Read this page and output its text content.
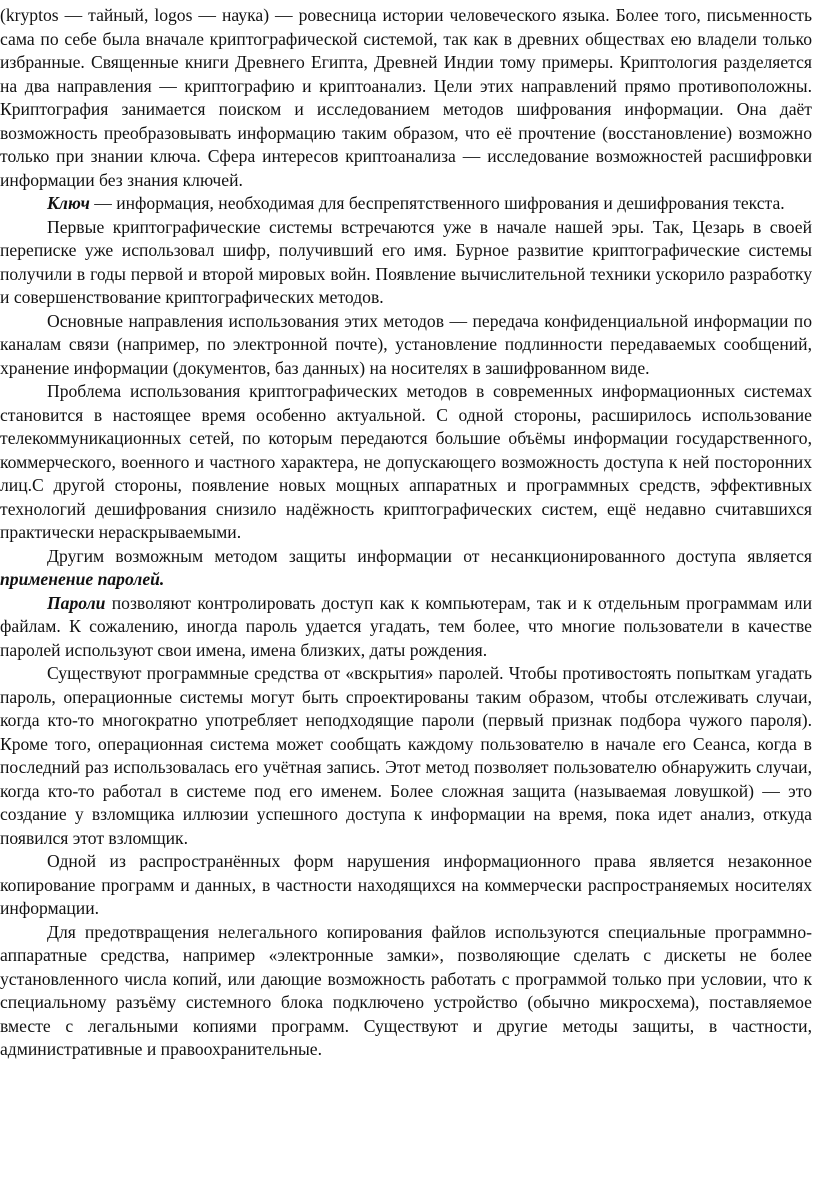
(kryptos — тайный, logos — наука) — ровесница истории человеческого языка. Более того, письменность сама по себе была вначале криптографической системой, так как в древних обществах ею владели только избранные. Священные книги Древнего Египта, Древней Индии тому примеры. Криптология разделяется на два направления — криптографию и криптоанализ. Цели этих направлений прямо противоположны. Криптография занимается поиском и исследованием методов шифрования информации. Она даёт возможность преобразовывать информацию таким образом, что её прочтение (восстановление) возможно только при знании ключа. Сфера интересов криптоанализа — исследование возможностей расшифровки информации без знания ключей.

Ключ — информация, необходимая для беспрепятственного шифрования и дешифрования текста.

Первые криптографические системы встречаются уже в начале нашей эры. Так, Цезарь в своей переписке уже использовал шифр, получивший его имя. Бурное развитие криптографические системы получили в годы первой и второй мировых войн. Появление вычислительной техники ускорило разработку и совершенствование криптографических методов.

Основные направления использования этих методов — передача конфиденциальной информации по каналам связи (например, по электронной почте), установление подлинности передаваемых сообщений, хранение информации (документов, баз данных) на носителях в зашифрованном виде.

Проблема использования криптографических методов в современных информационных системах становится в настоящее время особенно актуальной. С одной стороны, расширилось использование телекоммуникационных сетей, по которым передаются большие объёмы информации государственного, коммерческого, военного и частного характера, не допускающего возможность доступа к ней посторонних лиц.С другой стороны, появление новых мощных аппаратных и программных средств, эффективных технологий дешифрования снизило надёжность криптографических систем, ещё недавно считавшихся практически нераскрываемыми.

Другим возможным методом защиты информации от несанкционированного доступа является применение паролей.

Пароли позволяют контролировать доступ как к компьютерам, так и к отдельным программам или файлам. К сожалению, иногда пароль удается угадать, тем более, что многие пользователи в качестве паролей используют свои имена, имена близких, даты рождения.

Существуют программные средства от «вскрытия» паролей. Чтобы противостоять попыткам угадать пароль, операционные системы могут быть спроектированы таким образом, чтобы отслеживать случаи, когда кто-то многократно употребляет неподходящие пароли (первый признак подбора чужого пароля). Кроме того, операционная система может сообщать каждому пользователю в начале его Сеанса, когда в последний раз использовалась его учётная запись. Этот метод позволяет пользователю обнаружить случаи, когда кто-то работал в системе под его именем. Более сложная защита (называемая ловушкой) — это создание у взломщика иллюзии успешного доступа к информации на время, пока идет анализ, откуда появился этот взломщик.

Одной из распространённых форм нарушения информационного права является незаконное копирование программ и данных, в частности находящихся на коммерчески распространяемых носителях информации.

Для предотвращения нелегального копирования файлов используются специальные программно-аппаратные средства, например «электронные замки», позволяющие сделать с дискеты не более установленного числа копий, или дающие возможность работать с программой только при условии, что к специальному разъёму системного блока подключено устройство (обычно микросхема), поставляемое вместе с легальными копиями программ. Существуют и другие методы защиты, в частности, административные и правоохранительные.
